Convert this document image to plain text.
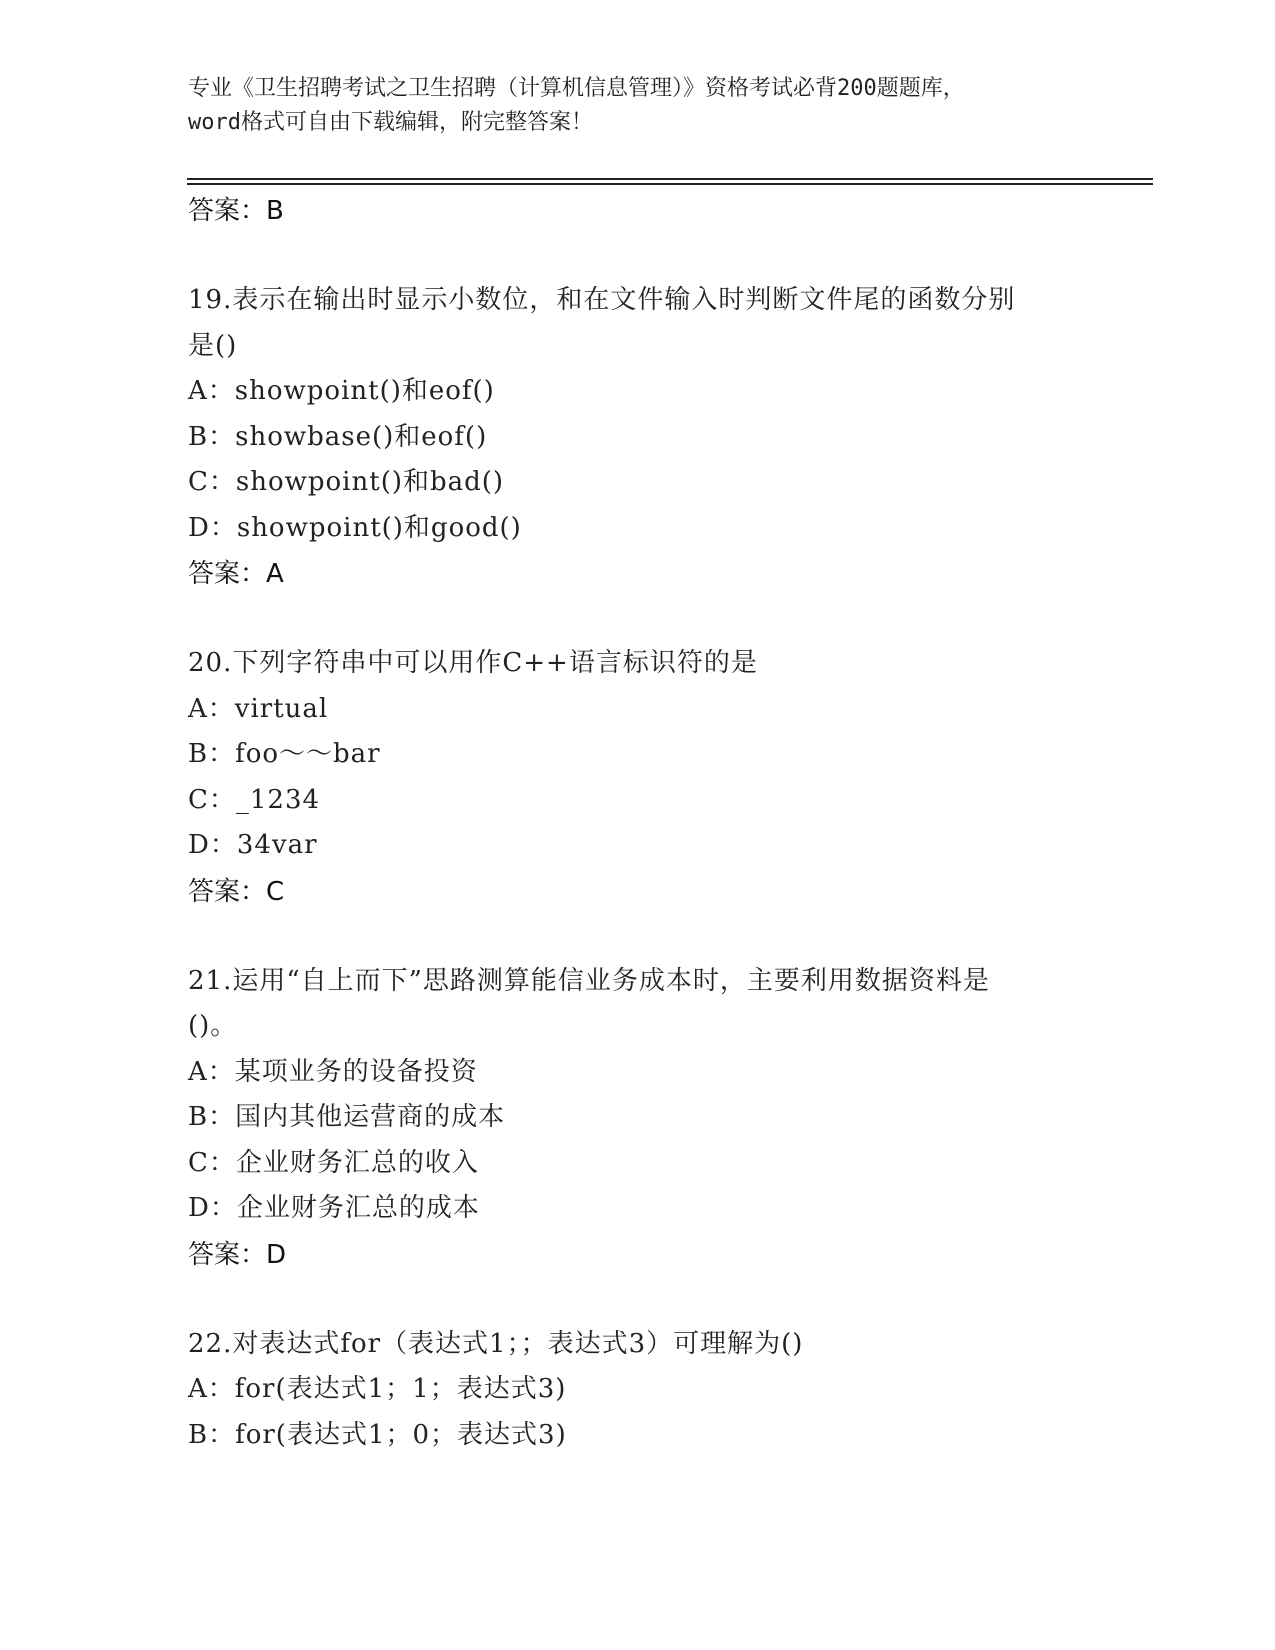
专业《卫生招聘考试之卫生招聘（计算机信息管理）》资格考试必背200题题库，
word格式可自由下载编辑，附完整答案！
答案：B
19.表示在输出时显示小数位，和在文件输入时判断文件尾的函数分别
是()
A：showpoint()和eof()
B：showbase()和eof()
C：showpoint()和bad()
D：showpoint()和good()
答案：A
20.下列字符串中可以用作C++语言标识符的是
A：virtual
B：foo～～bar
C：_1234
D：34var
答案：C
21.运用“自上而下”思路测算能信业务成本时，主要利用数据资料是
()。
A：某项业务的设备投资
B：国内其他运营商的成本
C：企业财务汇总的收入
D：企业财务汇总的成本
答案：D
22.对表达式for（表达式1；；表达式3）可理解为()
A：for(表达式1；1；表达式3)
B：for(表达式1；0；表达式3)
